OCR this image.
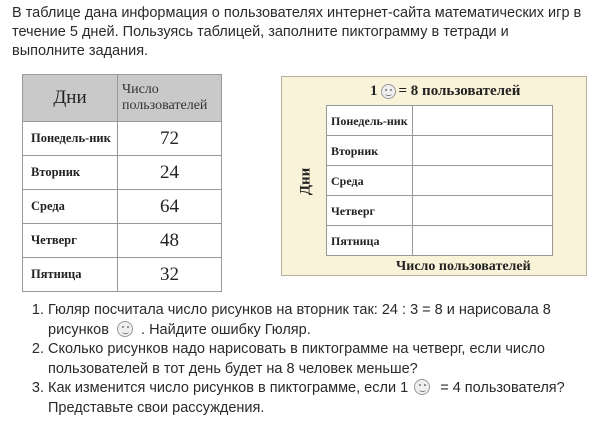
В таблице дана информация о пользователях интернет-сайта математических игр в течение 5 дней. Пользуясь таблицей, заполните пиктограмму в тетради и выполните задания.
Дни	Число пользователей
Понедель-ник	72
Вторник	24
Среда	64
Четверг	48
Пятница	32
1 = 8 пользователей
Дни
Понедель-ник	
Вторник	
Среда	
Четверг	
Пятница	
Число пользователей
1. Гюляр посчитала число рисунков на вторник так: 24 : 3 = 8 и нарисовала 8 рисунков . Найдите ошибку Гюляр.
2. Сколько рисунков надо нарисовать в пиктограмме на четверг, если число пользователей в тот день будет на 8 человек меньше?
3. Как изменится число рисунков в пиктограмме, если 1 = 4 пользователя? Представьте свои рассуждения.
